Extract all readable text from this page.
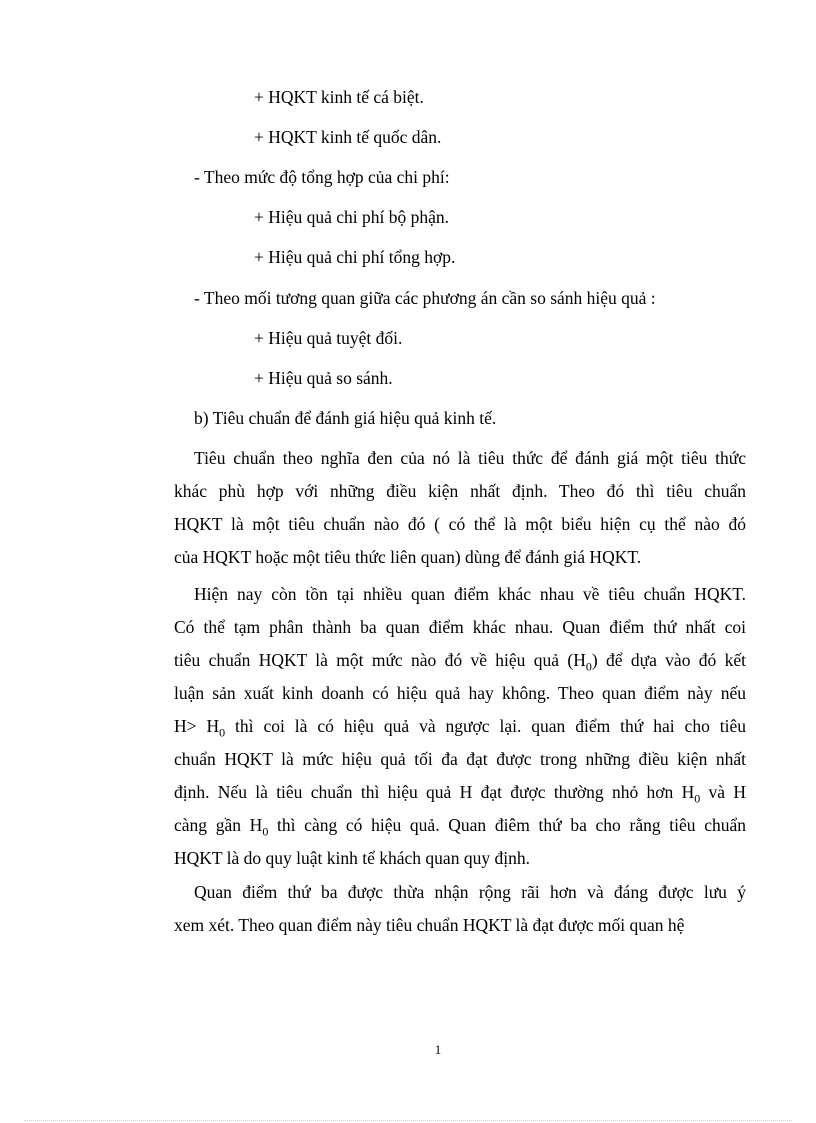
+ HQKT kinh tế cá biệt.
+ HQKT kinh tế quốc dân.
- Theo mức độ tổng hợp của chi phí:
+ Hiệu quả chi phí bộ phận.
+ Hiệu quả chi phí tổng hợp.
- Theo mối tương quan giữa các phương án cần so sánh hiệu quả :
+ Hiệu quả tuyệt đối.
+ Hiệu quả so sánh.
b) Tiêu chuẩn để đánh giá hiệu quả kinh tế.
Tiêu chuẩn theo nghĩa đen của nó là tiêu thức để đánh giá một tiêu thức
khác phù hợp với những điều kiện nhất định. Theo đó thì tiêu chuẩn
HQKT là một tiêu chuẩn nào đó ( có thể là một biểu hiện cụ thể nào đó
của HQKT hoặc một tiêu thức liên quan) dùng để đánh giá HQKT.
Hiện nay còn tồn tại nhiều quan điểm khác nhau về tiêu chuẩn HQKT.
Có thể tạm phân thành ba quan điểm khác nhau. Quan điểm thứ nhất coi
tiêu chuẩn HQKT là một mức nào đó về hiệu quả $(H_0)$ để dựa vào đó kết
luận sản xuất kinh doanh có hiệu quả hay không. Theo quan điểm này nếu
$H> H_0$ thì coi là có hiệu quả và ngược lại. quan điểm thứ hai cho tiêu
chuẩn HQKT là mức hiệu quả tối đa đạt được trong những điều kiện nhất
định. Nếu là tiêu chuẩn thì hiệu quả H đạt được thường nhỏ hơn $H_0$ và H
càng gần $H_0$ thì càng có hiệu quả. Quan điêm thứ ba cho rằng tiêu chuẩn
HQKT là do quy luật kinh tế khách quan quy định.
Quan điểm thứ ba được thừa nhận rộng rãi hơn và đáng được lưu ý
xem xét. Theo quan điểm này tiêu chuẩn HQKT là đạt được mối quan hệ
1
